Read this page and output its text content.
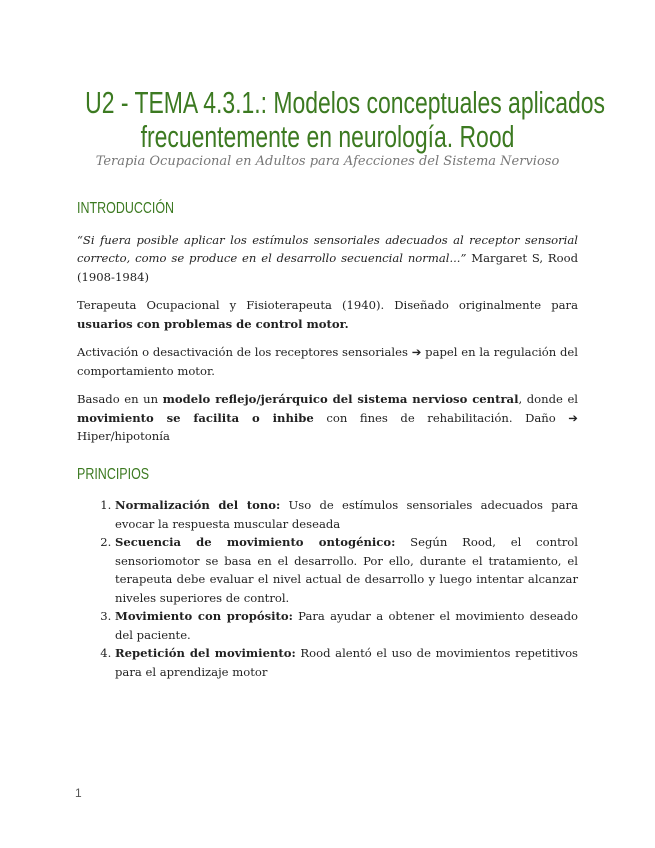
U2 - TEMA 4.3.1.: Modelos conceptuales aplicados
frecuentemente en neurología. Rood
Terapia Ocupacional en Adultos para Afecciones del Sistema Nervioso
INTRODUCCIÓN

“Si fuera posible aplicar los estímulos sensoriales adecuados al receptor sensorial correcto, como se produce en el desarrollo secuencial normal...” Margaret S, Rood (1908-1984)

Terapeuta Ocupacional y Fisioterapeuta (1940). Diseñado originalmente para usuarios con problemas de control motor.

Activación o desactivación de los receptores sensoriales ➔ papel en la regulación del comportamiento motor.

Basado en un modelo reflejo/jerárquico del sistema nervioso central, donde el movimiento se facilita o inhibe con fines de rehabilitación. Daño ➔ Hiper/hipotonía

PRINCIPIOS
1. Normalización del tono: Uso de estímulos sensoriales adecuados para evocar la respuesta muscular deseada
2. Secuencia de movimiento ontogénico: Según Rood, el control sensoriomotor se basa en el desarrollo. Por ello, durante el tratamiento, el terapeuta debe evaluar el nivel actual de desarrollo y luego intentar alcanzar niveles superiores de control.
3. Movimiento con propósito: Para ayudar a obtener el movimiento deseado del paciente.
4. Repetición del movimiento: Rood alentó el uso de movimientos repetitivos para el aprendizaje motor
1
